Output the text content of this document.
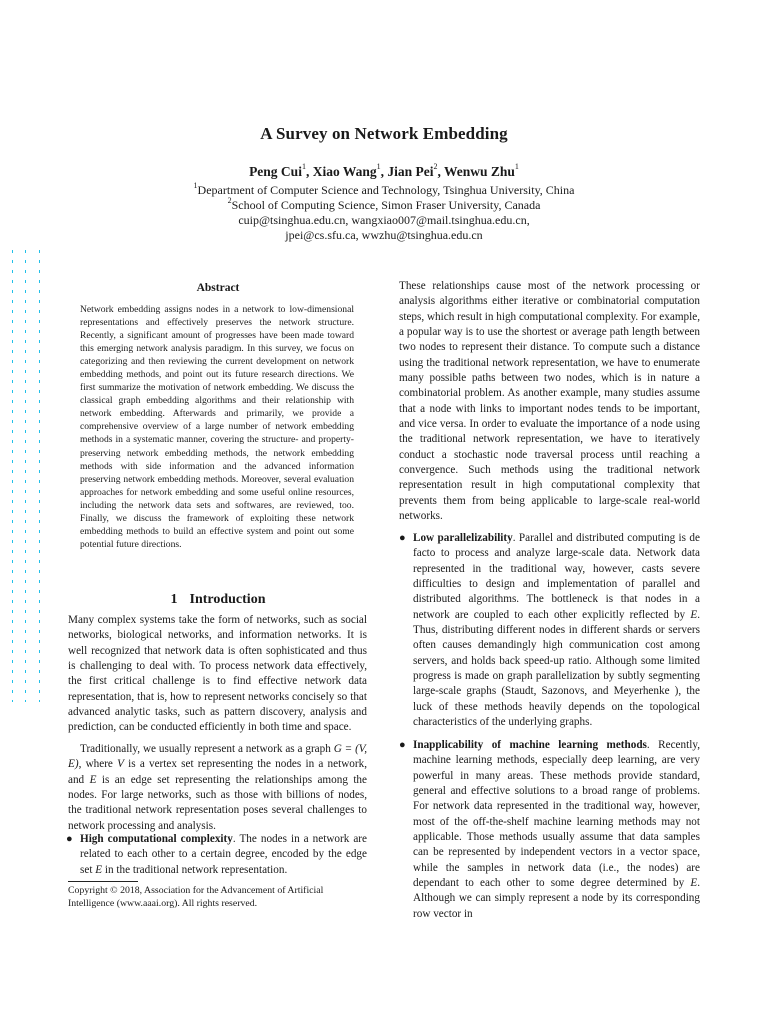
A Survey on Network Embedding
Peng Cui$^1$, Xiao Wang$^1$, Jian Pei$^2$, Wenwu Zhu$^1$
$^1$Department of Computer Science and Technology, Tsinghua University, China
$^2$School of Computing Science, Simon Fraser University, Canada
cuip@tsinghua.edu.cn, wangxiao007@mail.tsinghua.edu.cn,
jpei@cs.sfu.ca, wwzhu@tsinghua.edu.cn
Abstract
Network embedding assigns nodes in a network to low-dimensional representations and effectively preserves the network structure. Recently, a significant amount of progresses have been made toward this emerging network analysis paradigm. In this survey, we focus on categorizing and then reviewing the current development on network embedding methods, and point out its future research directions. We first summarize the motivation of network embedding. We discuss the classical graph embedding algorithms and their relationship with network embedding. Afterwards and primarily, we provide a comprehensive overview of a large number of network embedding methods in a systematic manner, covering the structure- and property-preserving network embedding methods, the network embedding methods with side information and the advanced information preserving network embedding methods. Moreover, several evaluation approaches for network embedding and some useful online resources, including the network data sets and softwares, are reviewed, too. Finally, we discuss the framework of exploiting these network embedding methods to build an effective system and point out some potential future directions.
1 Introduction
Many complex systems take the form of networks, such as social networks, biological networks, and information networks. It is well recognized that network data is often sophisticated and thus is challenging to deal with. To process network data effectively, the first critical challenge is to find effective network data representation, that is, how to represent networks concisely so that advanced analytic tasks, such as pattern discovery, analysis and prediction, can be conducted efficiently in both time and space.
Traditionally, we usually represent a network as a graph G = (V, E), where V is a vertex set representing the nodes in a network, and E is an edge set representing the relationships among the nodes. For large networks, such as those with billions of nodes, the traditional network representation poses several challenges to network processing and analysis.
● High computational complexity. The nodes in a network are related to each other to a certain degree, encoded by the edge set E in the traditional network representation.
Copyright © 2018, Association for the Advancement of Artificial
Intelligence (www.aaai.org). All rights reserved.
These relationships cause most of the network processing or analysis algorithms either iterative or combinatorial computation steps, which result in high computational complexity. For example, a popular way is to use the shortest or average path length between two nodes to represent their distance. To compute such a distance using the traditional network representation, we have to enumerate many possible paths between two nodes, which is in nature a combinatorial problem. As another example, many studies assume that a node with links to important nodes tends to be important, and vice versa. In order to evaluate the importance of a node using the traditional network representation, we have to iteratively conduct a stochastic node traversal process until reaching a convergence. Such methods using the traditional network representation result in high computational complexity that prevents them from being applicable to large-scale real-world networks.
● Low parallelizability. Parallel and distributed computing is de facto to process and analyze large-scale data. Network data represented in the traditional way, however, casts severe difficulties to design and implementation of parallel and distributed algorithms. The bottleneck is that nodes in a network are coupled to each other explicitly reflected by E. Thus, distributing different nodes in different shards or servers often causes demandingly high communication cost among servers, and holds back speed-up ratio. Although some limited progress is made on graph parallelization by subtly segmenting large-scale graphs (Staudt, Sazonovs, and Meyerhenke ), the luck of these methods heavily depends on the topological characteristics of the underlying graphs.
● Inapplicability of machine learning methods. Recently, machine learning methods, especially deep learning, are very powerful in many areas. These methods provide standard, general and effective solutions to a broad range of problems. For network data represented in the traditional way, however, most of the off-the-shelf machine learning methods may not applicable. Those methods usually assume that data samples can be represented by independent vectors in a vector space, while the samples in network data (i.e., the nodes) are dependant to each other to some degree determined by E. Although we can simply represent a node by its corresponding row vector in
